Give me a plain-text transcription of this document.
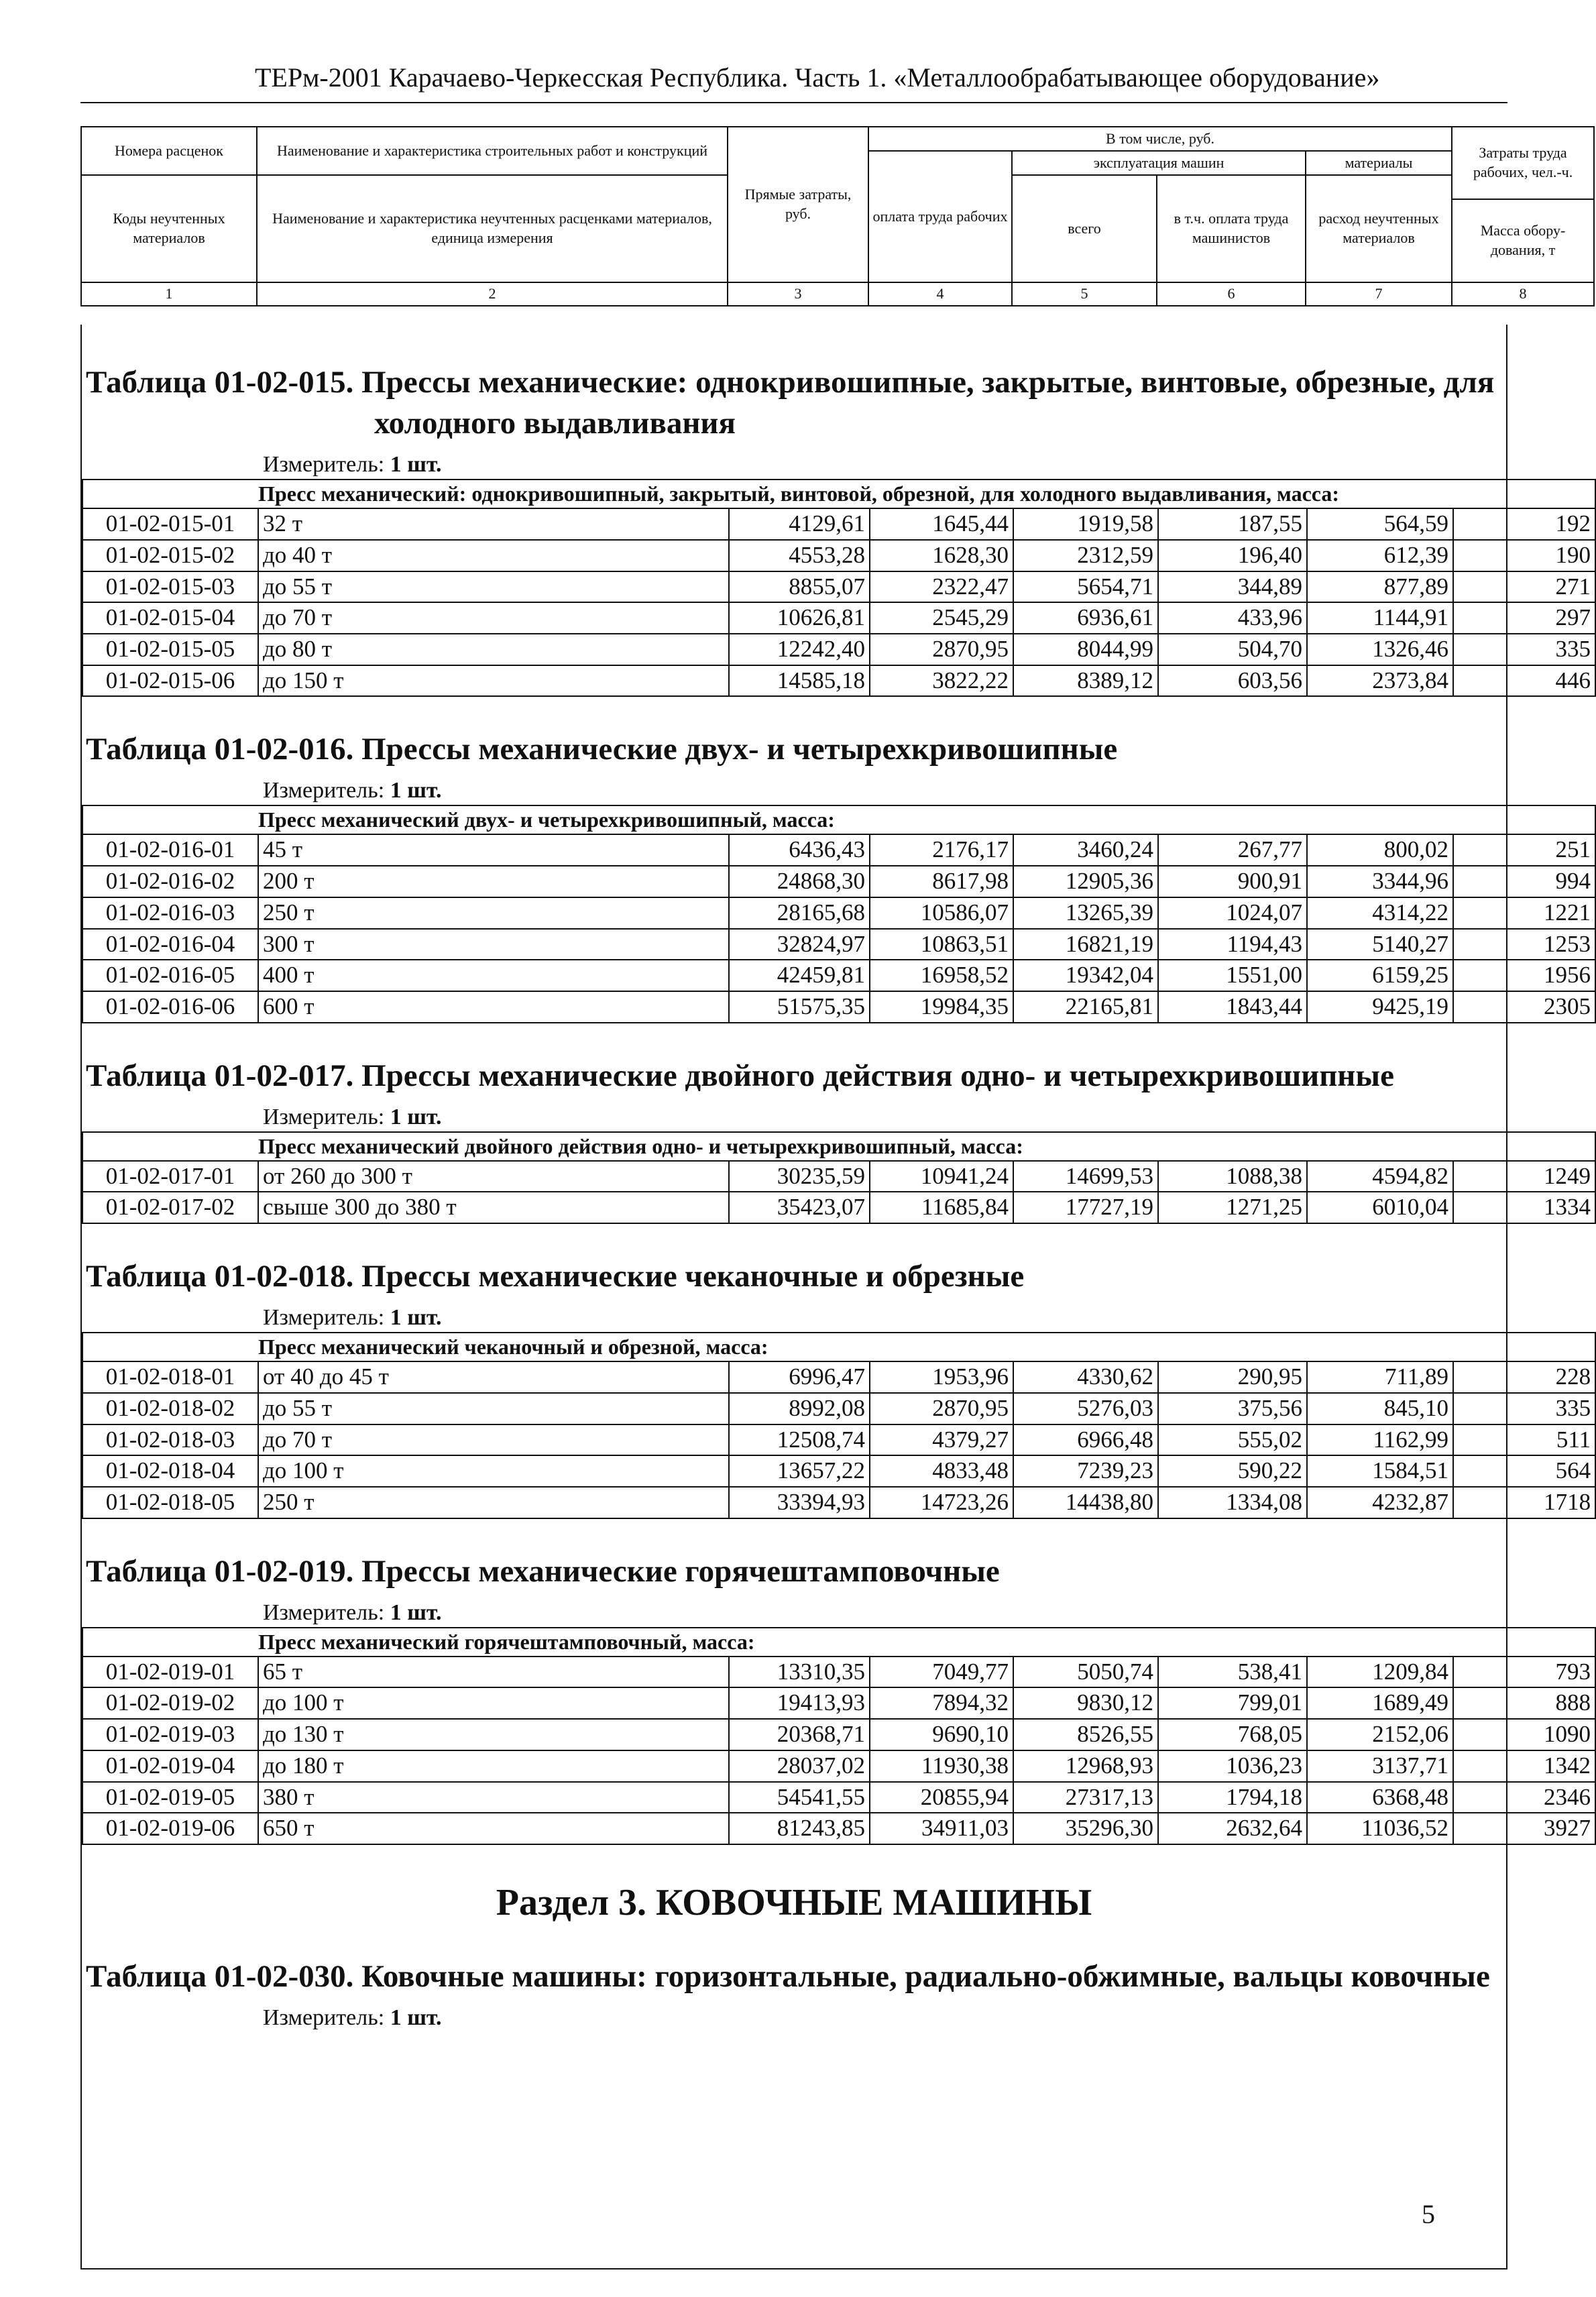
ТЕРм-2001 Карачаево-Черкесская Республика. Часть 1. «Металлообрабатывающее оборудование»
Номера расценок	Наименование и характеристика строительных работ и конструкций	Прямые затраты, руб.	В том числе, руб.				Затраты труда рабочих, чел.-ч.
			оплата труда рабочих	эксплуатация машин		материалы	
Коды неучтенных материалов	Наименование и характеристика неучтенных расценками материалов, единица измерения			всего	в т.ч. оплата труда машинистов	расход неучтенных материалов	
							Масса обору-дования, т
1	2	3	4	5	6	7	8
Таблица 01-02-015. Прессы механические: однокривошипные, закрытые, винтовые, обрезные, для холодного выдавливания
Измеритель: 1 шт.
	Пресс механический: однокривошипный, закрытый, винтовой, обрезной, для холодного выдавливания, масса:						
01-02-015-01	32 т	4129,61	1645,44	1919,58	187,55	564,59	192
01-02-015-02	до 40 т	4553,28	1628,30	2312,59	196,40	612,39	190
01-02-015-03	до 55 т	8855,07	2322,47	5654,71	344,89	877,89	271
01-02-015-04	до 70 т	10626,81	2545,29	6936,61	433,96	1144,91	297
01-02-015-05	до 80 т	12242,40	2870,95	8044,99	504,70	1326,46	335
01-02-015-06	до 150 т	14585,18	3822,22	8389,12	603,56	2373,84	446
Таблица 01-02-016. Прессы механические двух- и четырехкривошипные
Измеритель: 1 шт.
	Пресс механический двух- и четырехкривошипный, масса:						
01-02-016-01	45 т	6436,43	2176,17	3460,24	267,77	800,02	251
01-02-016-02	200 т	24868,30	8617,98	12905,36	900,91	3344,96	994
01-02-016-03	250 т	28165,68	10586,07	13265,39	1024,07	4314,22	1221
01-02-016-04	300 т	32824,97	10863,51	16821,19	1194,43	5140,27	1253
01-02-016-05	400 т	42459,81	16958,52	19342,04	1551,00	6159,25	1956
01-02-016-06	600 т	51575,35	19984,35	22165,81	1843,44	9425,19	2305
Таблица 01-02-017. Прессы механические двойного действия одно- и четырехкривошипные
Измеритель: 1 шт.
	Пресс механический двойного действия одно- и четырехкривошипный, масса:						
01-02-017-01	от 260 до 300 т	30235,59	10941,24	14699,53	1088,38	4594,82	1249
01-02-017-02	свыше 300 до 380 т	35423,07	11685,84	17727,19	1271,25	6010,04	1334
Таблица 01-02-018. Прессы механические чеканочные и обрезные
Измеритель: 1 шт.
	Пресс механический чеканочный и обрезной, масса:						
01-02-018-01	от 40 до 45 т	6996,47	1953,96	4330,62	290,95	711,89	228
01-02-018-02	до 55 т	8992,08	2870,95	5276,03	375,56	845,10	335
01-02-018-03	до 70 т	12508,74	4379,27	6966,48	555,02	1162,99	511
01-02-018-04	до 100 т	13657,22	4833,48	7239,23	590,22	1584,51	564
01-02-018-05	250 т	33394,93	14723,26	14438,80	1334,08	4232,87	1718
Таблица 01-02-019. Прессы механические горячештамповочные
Измеритель: 1 шт.
	Пресс механический горячештамповочный, масса:						
01-02-019-01	65 т	13310,35	7049,77	5050,74	538,41	1209,84	793
01-02-019-02	до 100 т	19413,93	7894,32	9830,12	799,01	1689,49	888
01-02-019-03	до 130 т	20368,71	9690,10	8526,55	768,05	2152,06	1090
01-02-019-04	до 180 т	28037,02	11930,38	12968,93	1036,23	3137,71	1342
01-02-019-05	380 т	54541,55	20855,94	27317,13	1794,18	6368,48	2346
01-02-019-06	650 т	81243,85	34911,03	35296,30	2632,64	11036,52	3927
Раздел 3. КОВОЧНЫЕ МАШИНЫ
Таблица 01-02-030. Ковочные машины: горизонтальные, радиально-обжимные, вальцы ковочные
Измеритель: 1 шт.
5
